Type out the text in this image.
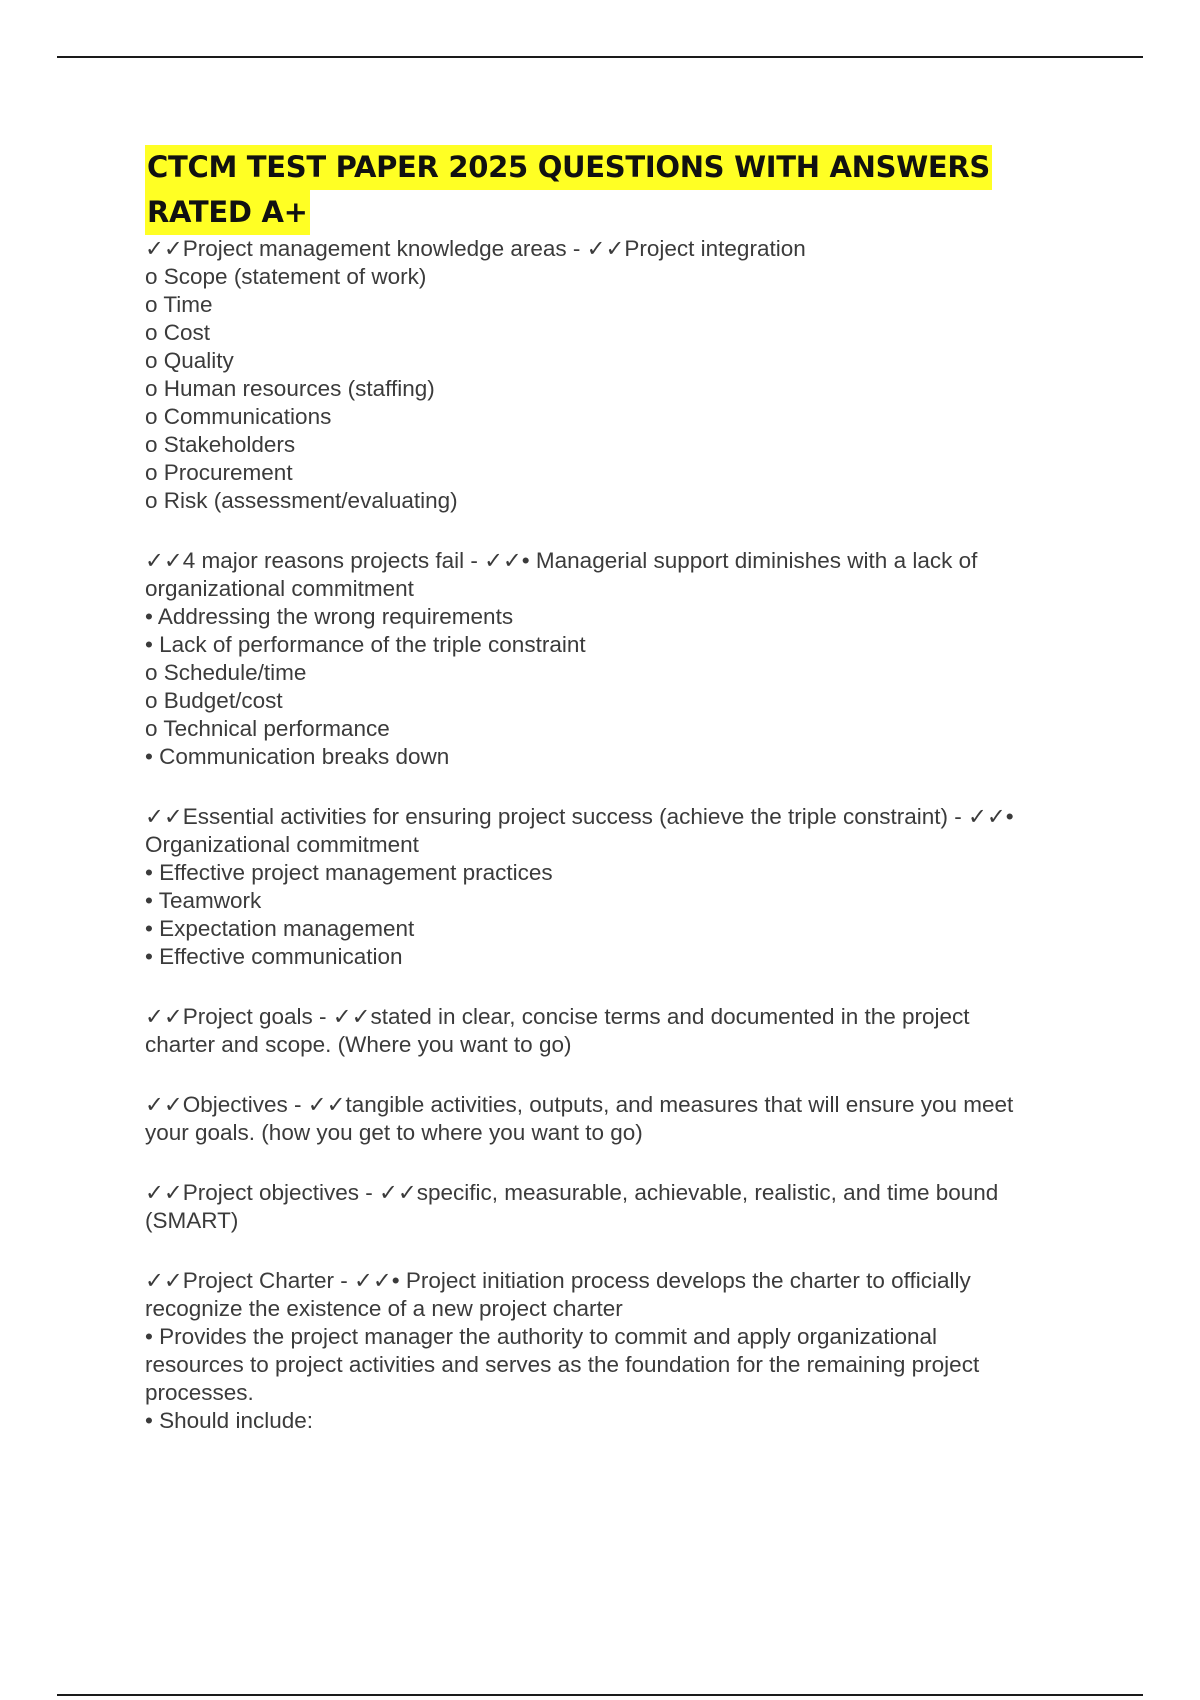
CTCM TEST PAPER 2025 QUESTIONS WITH ANSWERS
RATED A+
✓✓Project management knowledge areas - ✓✓Project integration
o Scope (statement of work)
o Time
o Cost
o Quality
o Human resources (staffing)
o Communications
o Stakeholders
o Procurement
o Risk (assessment/evaluating)
✓✓4 major reasons projects fail - ✓✓• Managerial support diminishes with a lack of
organizational commitment
• Addressing the wrong requirements
• Lack of performance of the triple constraint
o Schedule/time
o Budget/cost
o Technical performance
• Communication breaks down
✓✓Essential activities for ensuring project success (achieve the triple constraint) - ✓✓•
Organizational commitment
• Effective project management practices
• Teamwork
• Expectation management
• Effective communication
✓✓Project goals - ✓✓stated in clear, concise terms and documented in the project
charter and scope. (Where you want to go)
✓✓Objectives - ✓✓tangible activities, outputs, and measures that will ensure you meet
your goals. (how you get to where you want to go)
✓✓Project objectives - ✓✓specific, measurable, achievable, realistic, and time bound
(SMART)
✓✓Project Charter - ✓✓• Project initiation process develops the charter to officially
recognize the existence of a new project charter
• Provides the project manager the authority to commit and apply organizational
resources to project activities and serves as the foundation for the remaining project
processes.
• Should include:
